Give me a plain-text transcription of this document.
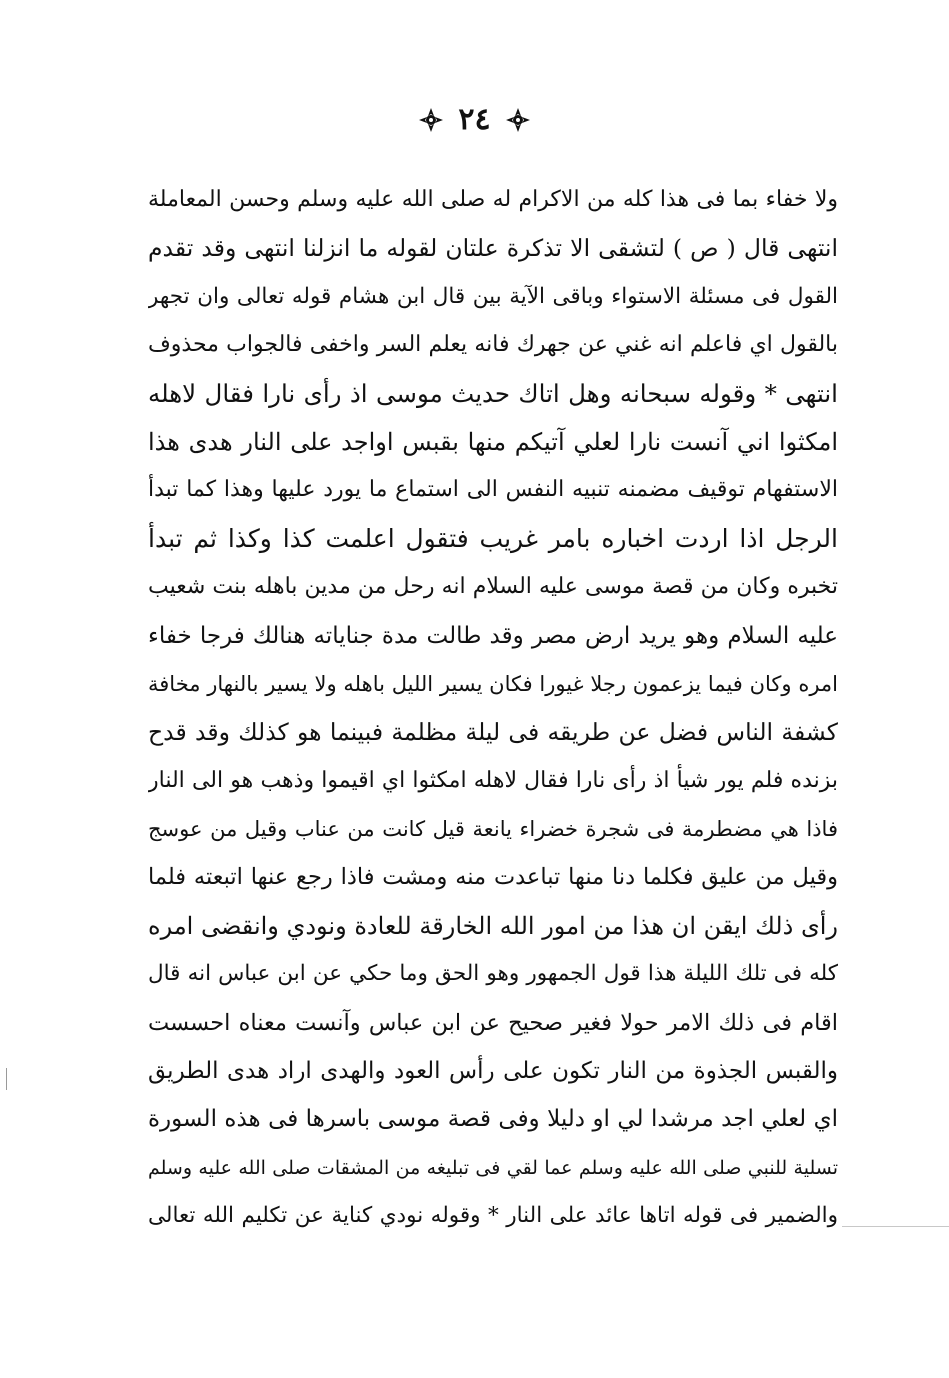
٢٤
ولا خفاء بما فى هذا كله من الاكرام له صلى الله عليه وسلم وحسن المعاملة
انتهى قال ( ص ) لتشقى الا تذكرة علتان لقوله ما انزلنا انتهى وقد تقدم
القول فى مسئلة الاستواء وباقى الآية بين قال ابن هشام قوله تعالى وان تجهر
بالقول اي فاعلم انه غني عن جهرك فانه يعلم السر واخفى فالجواب محذوف
انتهى * وقوله سبحانه وهل اتاك حديث موسى اذ رأى نارا فقال لاهله
امكثوا اني آنست نارا لعلي آتيكم منها بقبس اواجد على النار هدى هذا
الاستفهام توقيف مضمنه تنبيه النفس الى استماع ما يورد عليها وهذا كما تبدأ
الرجل اذا اردت اخباره بامر غريب فتقول اعلمت كذا وكذا ثم تبدأ
تخبره وكان من قصة موسى عليه السلام انه رحل من مدين باهله بنت شعيب
عليه السلام وهو يريد ارض مصر وقد طالت مدة جناياته هنالك فرجا خفاء
امره وكان فيما يزعمون رجلا غيورا فكان يسير الليل باهله ولا يسير بالنهار مخافة
كشفة الناس فضل عن طريقه فى ليلة مظلمة فبينما هو كذلك وقد قدح
بزنده فلم يور شيأ اذ رأى نارا فقال لاهله امكثوا اي اقيموا وذهب هو الى النار
فاذا هي مضطرمة فى شجرة خضراء يانعة قيل كانت من عناب وقيل من عوسج
وقيل من عليق فكلما دنا منها تباعدت منه ومشت فاذا رجع عنها اتبعته فلما
رأى ذلك ايقن ان هذا من امور الله الخارقة للعادة ونودي وانقضى امره
كله فى تلك الليلة هذا قول الجمهور وهو الحق وما حكي عن ابن عباس انه قال
اقام فى ذلك الامر حولا فغير صحيح عن ابن عباس وآنست معناه احسست
والقبس الجذوة من النار تكون على رأس العود والهدى اراد هدى الطريق
اي لعلي اجد مرشدا لي او دليلا وفى قصة موسى باسرها فى هذه السورة
تسلية للنبي صلى الله عليه وسلم عما لقي فى تبليغه من المشقات صلى الله عليه وسلم
والضمير فى قوله اتاها عائد على النار * وقوله نودي كناية عن تكليم الله تعالى
